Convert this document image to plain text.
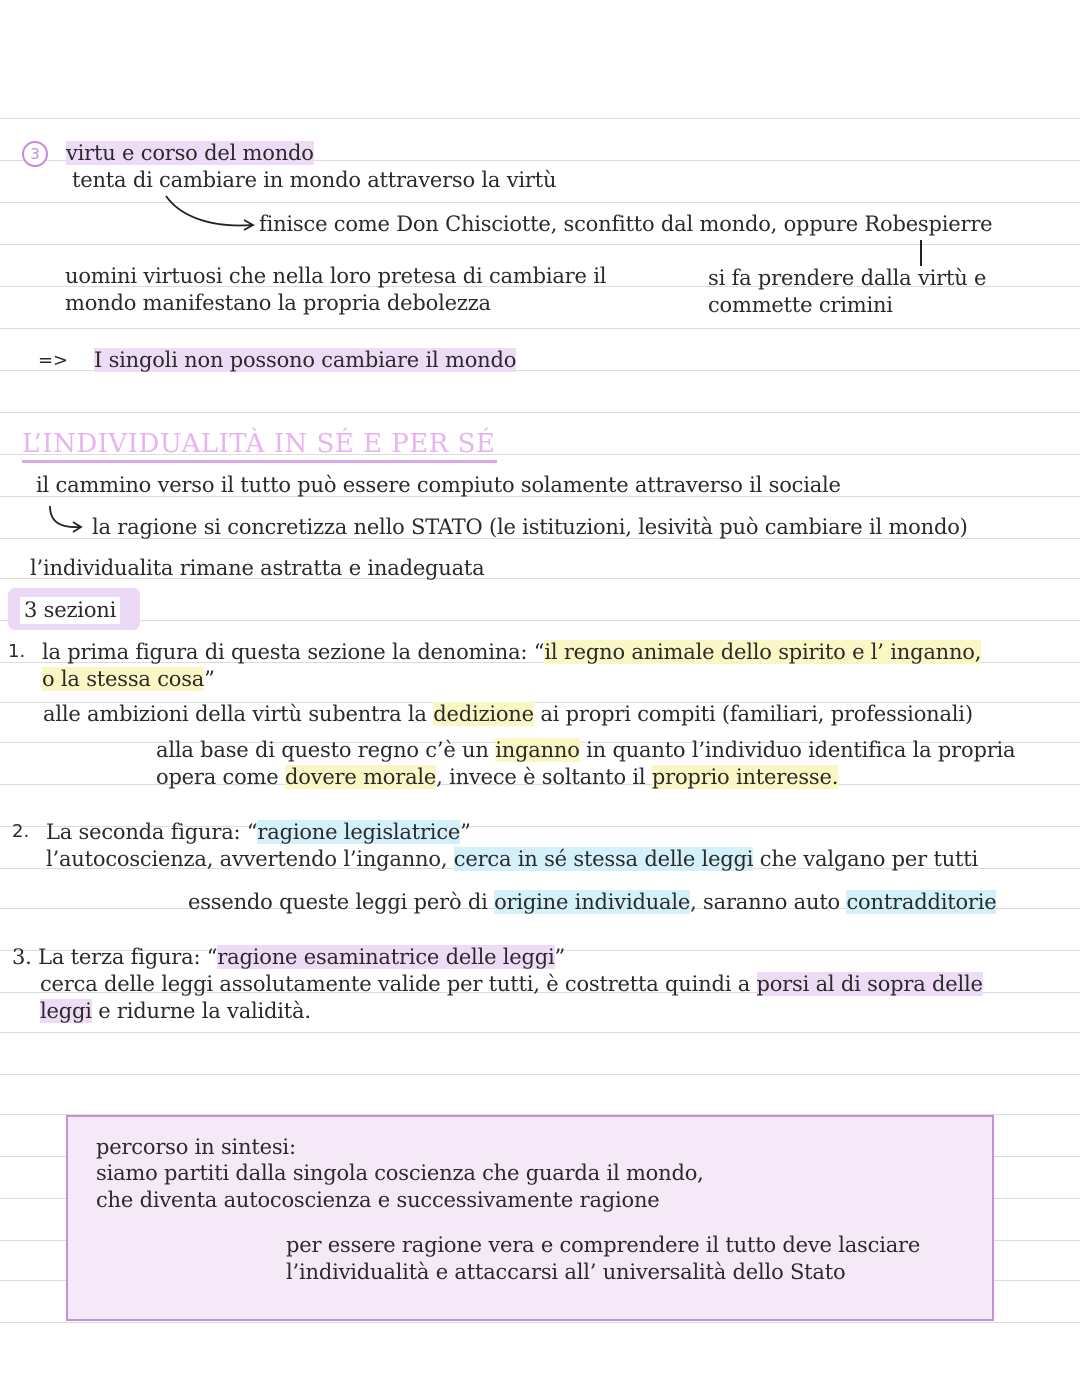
3	virtu e corso del mondo
tenta di cambiare in mondo attraverso la virtù
finisce come Don Chisciotte, sconfitto dal mondo, oppure Robespierre
uomini virtuosi che nella loro pretesa di cambiare il
mondo manifestano la propria debolezza
si fa prendere dalla virtù e
commette crimini
=> I singoli non possono cambiare il mondo
L’INDIVIDUALITÀ IN SÉ E PER SÉ
il cammino verso il tutto può essere compiuto solamente attraverso il sociale
la ragione si concretizza nello STATO (le istituzioni, lesività può cambiare il mondo)
l’individualita rimane astratta e inadeguata
3 sezioni
1. la prima figura di questa sezione la denomina: “il regno animale dello spirito e l’ inganno,
o la stessa cosa”
alle ambizioni della virtù subentra la dedizione ai propri compiti (familiari, professionali)
alla base di questo regno c’è un inganno in quanto l’individuo identifica la propria
opera come dovere morale, invece è soltanto il proprio interesse.
2. La seconda figura: “ragione legislatrice”
l’autocoscienza, avvertendo l’inganno, cerca in sé stessa delle leggi che valgano per tutti
essendo queste leggi però di origine individuale, saranno auto contradditorie
3. La terza figura: “ragione esaminatrice delle leggi”
cerca delle leggi assolutamente valide per tutti, è costretta quindi a porsi al di sopra delle
leggi e ridurne la validità.
percorso in sintesi:
siamo partiti dalla singola coscienza che guarda il mondo,
che diventa autocoscienza e successivamente ragione
per essere ragione vera e comprendere il tutto deve lasciare
l’individualità e attaccarsi all’ universalità dello Stato
